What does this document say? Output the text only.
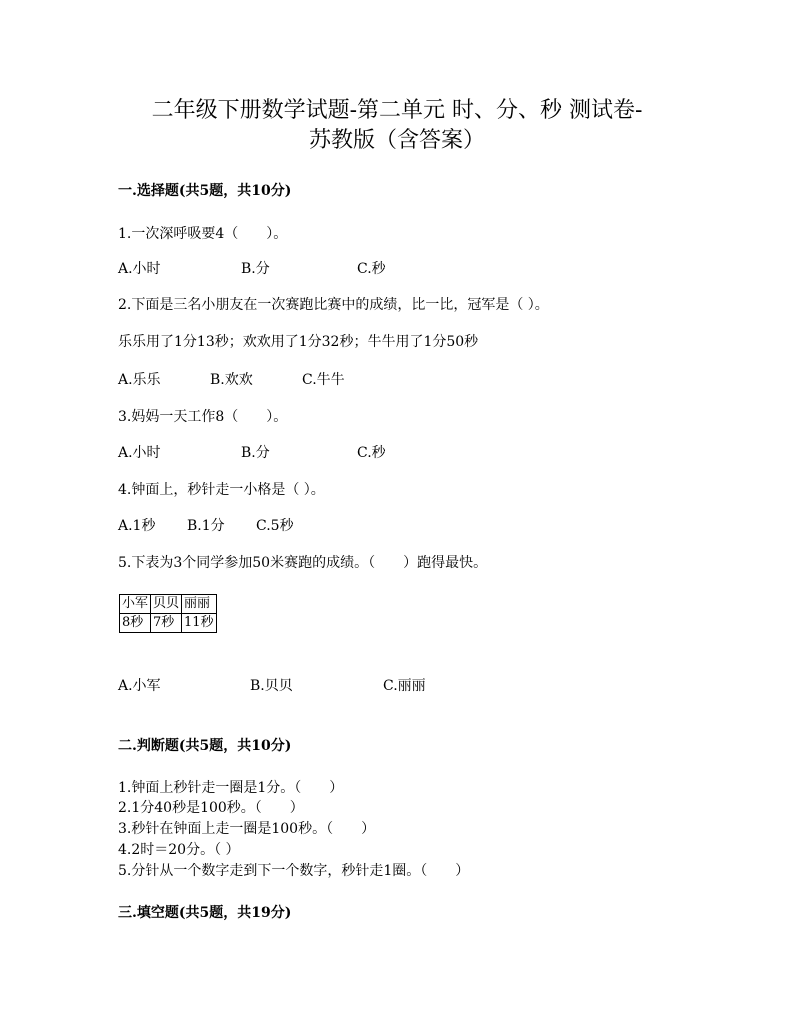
二年级下册数学试题-第二单元 时、分、秒 测试卷-
苏教版（含答案）
一.选择题(共5题，共10分)
1.一次深呼吸要4（　　）。
A.小时	B.分	C.秒
2.下面是三名小朋友在一次赛跑比赛中的成绩，比一比，冠军是（ ）。
乐乐用了1分13秒；欢欢用了1分32秒；牛牛用了1分50秒
A.乐乐	B.欢欢	C.牛牛
3.妈妈一天工作8（　　）。
A.小时	B.分	C.秒
4.钟面上，秒针走一小格是（ ）。
A.1秒 B.1分 C.5秒
5.下表为3个同学参加50米赛跑的成绩。（　　）跑得最快。
小军	贝贝	丽丽
8秒	7秒	11秒
A.小军	B.贝贝	C.丽丽
二.判断题(共5题，共10分)
1.钟面上秒针走一圈是1分。（　　）
2.1分40秒是100秒。（　　）
3.秒针在钟面上走一圈是100秒。（　　）
4.2时＝20分。（ ）
5.分针从一个数字走到下一个数字，秒针走1圈。（　　）
三.填空题(共5题，共19分)
